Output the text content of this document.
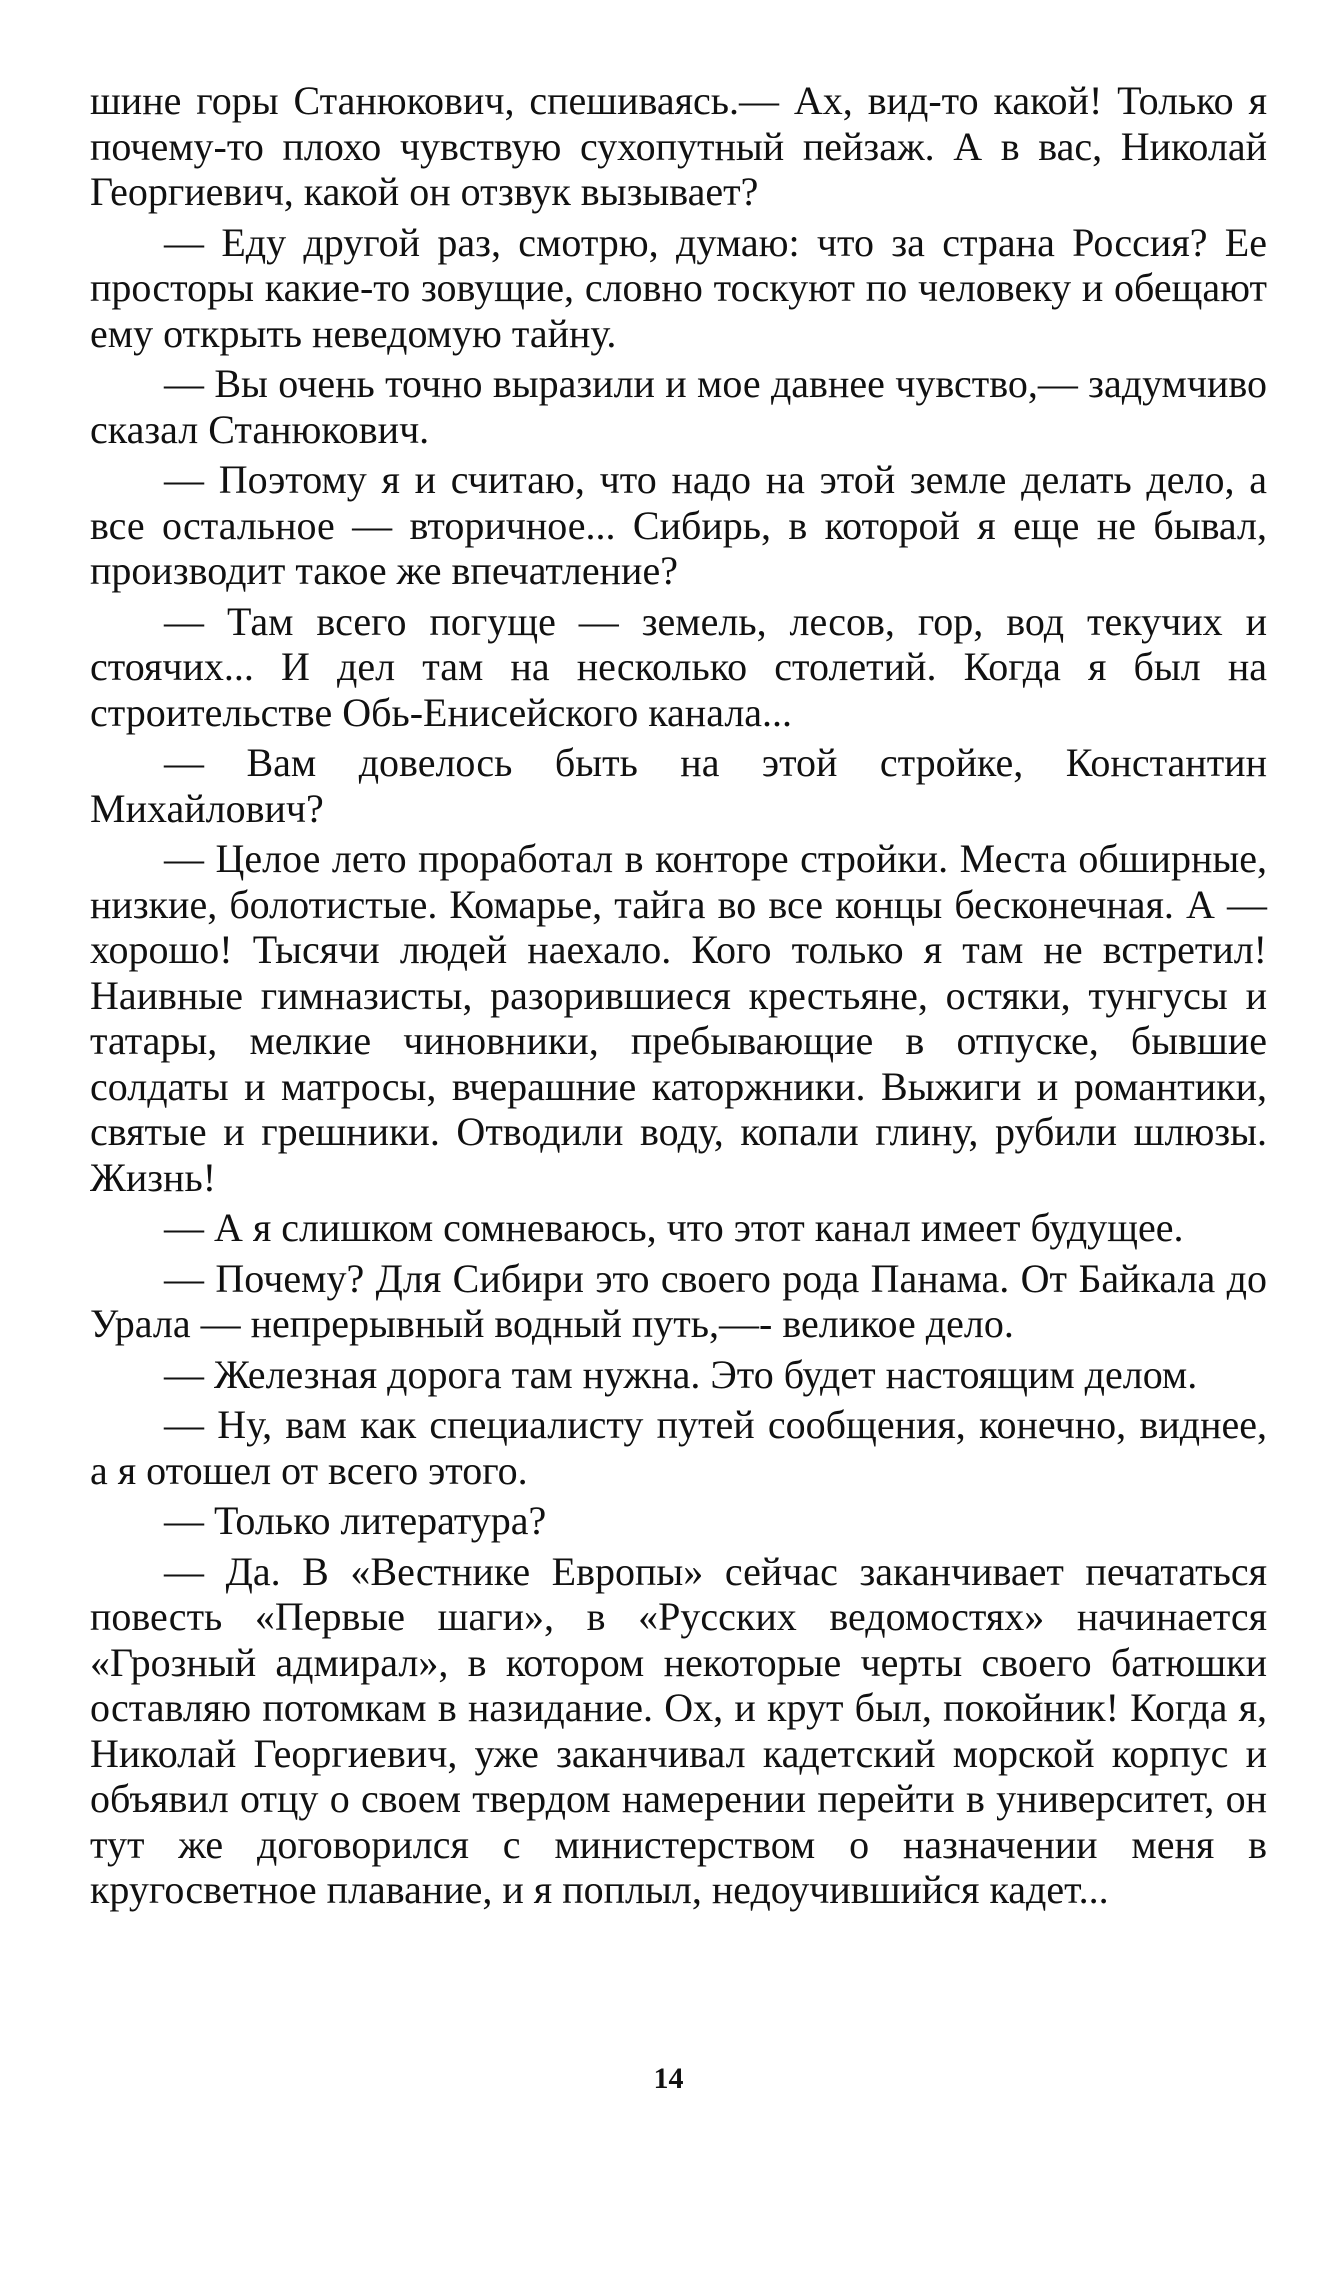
шине горы Станюкович, спешиваясь.— Ах, вид-то какой! Только я почему-то плохо чувствую сухопутный пейзаж. А в вас, Николай Георгиевич, какой он отзвук вызывает?

— Еду другой раз, смотрю, думаю: что за страна Россия? Ее просторы какие-то зовущие, словно тоскуют по человеку и обещают ему открыть неведомую тайну.

— Вы очень точно выразили и мое давнее чувство,— задумчиво сказал Станюкович.

— Поэтому я и считаю, что надо на этой земле делать дело, а все остальное — вторичное... Сибирь, в которой я еще не бывал, производит такое же впечатление?

— Там всего погуще — земель, лесов, гор, вод текучих и стоячих... И дел там на несколько столетий. Когда я был на строительстве Обь-Енисейского канала...

— Вам довелось быть на этой стройке, Константин Михайлович?

— Целое лето проработал в конторе стройки. Места обширные, низкие, болотистые. Комарье, тайга во все концы бесконечная. А — хорошо! Тысячи людей наехало. Кого только я там не встретил! Наивные гимназисты, разорившиеся крестьяне, остяки, тунгусы и татары, мелкие чиновники, пребывающие в отпуске, бывшие солдаты и матросы, вчерашние каторжники. Выжиги и романтики, святые и грешники. Отводили воду, копали глину, рубили шлюзы. Жизнь!

— А я слишком сомневаюсь, что этот канал имеет будущее.

— Почему? Для Сибири это своего рода Панама. От Байкала до Урала — непрерывный водный путь,—- великое дело.

— Железная дорога там нужна. Это будет настоящим делом.

— Ну, вам как специалисту путей сообщения, конечно, виднее, а я отошел от всего этого.

— Только литература?

— Да. В «Вестнике Европы» сейчас заканчивает печататься повесть «Первые шаги», в «Русских ведомостях» начинается «Грозный адмирал», в котором некоторые черты своего батюшки оставляю потомкам в назидание. Ох, и крут был, покойник! Когда я, Николай Георгиевич, уже заканчивал кадетский морской корпус и объявил отцу о своем твердом намерении перейти в университет, он тут же договорился с министерством о назначении меня в кругосветное плавание, и я поплыл, недоучившийся кадет...

14
